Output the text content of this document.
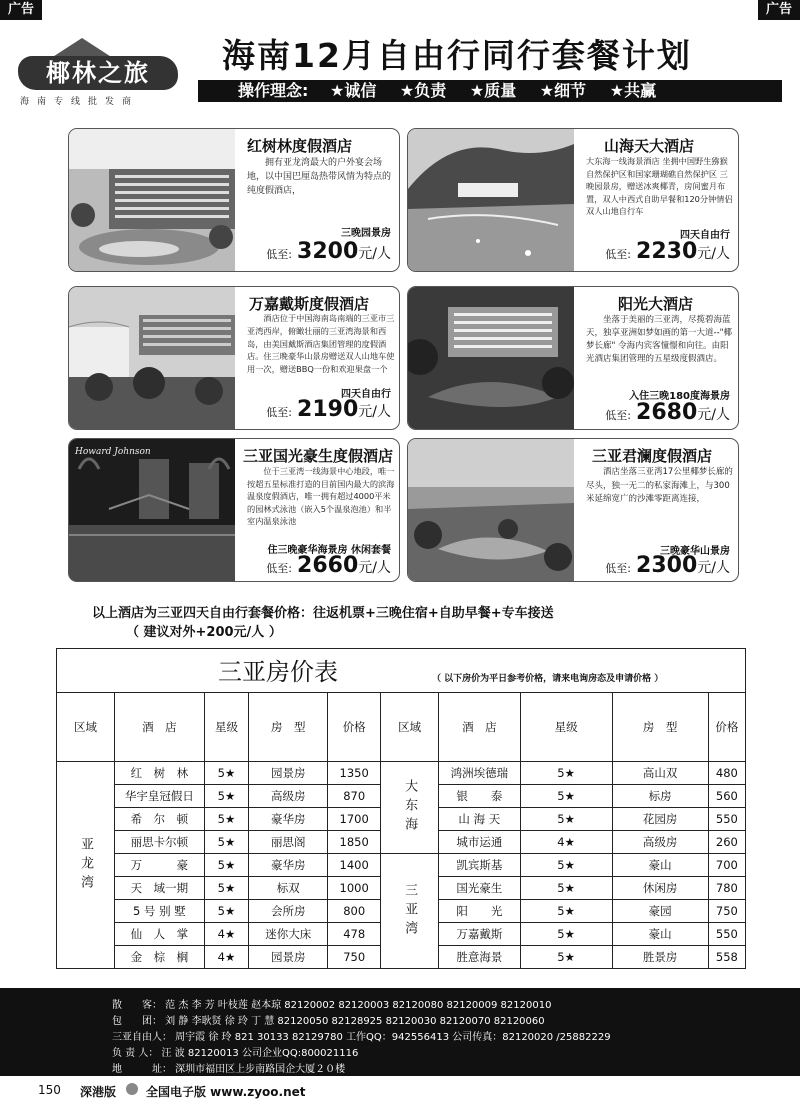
广告	广告
椰林之旅
海南专线批发商
海南12月自由行同行套餐计划
操作理念: ★诚信 ★负责 ★质量 ★细节 ★共赢
红树林度假酒店
拥有亚龙湾最大的户外宴会场地，以中国巴厘岛热带风情为特点的纯度假酒店，
三晚园景房
低至: 3200元/人
山海天大酒店
大东海一线海景酒店 坐拥中国野生猕猴自然保护区和国家珊瑚礁自然保护区 三晚园景房，赠送冰爽椰青，房间蜜月布置，双人中西式自助早餐和120分钟情侣双人山地自行车
四天自由行
低至: 2230元/人
万嘉戴斯度假酒店
酒店位于中国海南岛南端的三亚市三亚湾西岸，俯瞰壮丽的三亚湾海景和西岛，由美国戴斯酒店集团管理的度假酒店。住三晚豪华山景房赠送双人山地车使用一次，赠送BBQ一份和欢迎果盘一个
四天自由行
低至: 2190元/人
阳光大酒店
坐落于美丽的三亚湾，尽揽碧海蓝天，独享亚洲如梦如画的第一大道--"椰梦长廊" 令海内宾客憧憬和向往。由阳光酒店集团管理的五星级度假酒店。
入住三晚180度海景房
低至: 2680元/人
Howard Johnson	三亚国光豪生度假酒店
位于三亚湾一线海景中心地段，唯一按超五星标准打造的目前国内最大的滨海温泉度假酒店，唯一拥有超过4000平米的园林式泳池（嵌入5个温泉泡池）和半室内温泉泳池
住三晚豪华海景房 休闲套餐
低至: 2660元/人
三亚君澜度假酒店
酒店坐落三亚湾17公里椰梦长廊的尽头，独一无二的私家海滩上，与300米延绵宽广的沙滩零距离连接，
三晚豪华山景房
低至: 2300元/人
以上酒店为三亚四天自由行套餐价格：往返机票+三晚住宿+自助早餐+专车接送
（ 建议对外+200元/人 ）
三亚房价表	（ 以下房价为平日参考价格，请来电询房态及申请价格 ）
区域	酒　店	星级	房　型	价格	区域	酒　店	星级	房　型	价格
亚龙湾	红　树　林	5★	园景房	1350	大东海	鸿洲埃德瑞	5★	高山双	480
	华宇皇冠假日	5★	高级房	870		银　　泰	5★	标房	560
	希　尔　顿	5★	豪华房	1700		山 海 天	5★	花园房	550
	丽思卡尔顿	5★	丽思阁	1850		城市运通	4★	高级房	260
	万　　　豪	5★	豪华房	1400	三亚湾	凯宾斯基	5★	豪山	700
	天　域一期	5★	标双	1000		国光豪生	5★	休闲房	780
	5 号 别 墅	5★	会所房	800		阳　　光	5★	豪园	750
	仙　人　掌	4★	迷你大床	478		万嘉戴斯	5★	豪山	550
	金　棕　榈	4★	园景房	750		胜意海景	5★	胜景房	558
散　　客： 范 杰 李 芳 叶枝莲 赵本琼 82120002 82120003 82120080 82120009 82120010
包　　团： 刘 静 李耿贤 徐 玲 丁 慧 82120050 82128925 82120030 82120070 82120060
三亚自由人： 周宇霞 徐 玲 821 30133 82129780 工作QQ：942556413 公司传真：82120020 /25882229
负 责 人： 汪 波 82120013 公司企业QQ:800021116
地　　　址： 深圳市福田区上步南路国企大厦２０楼
150 深港版 全国电子版 www.zyoo.net
